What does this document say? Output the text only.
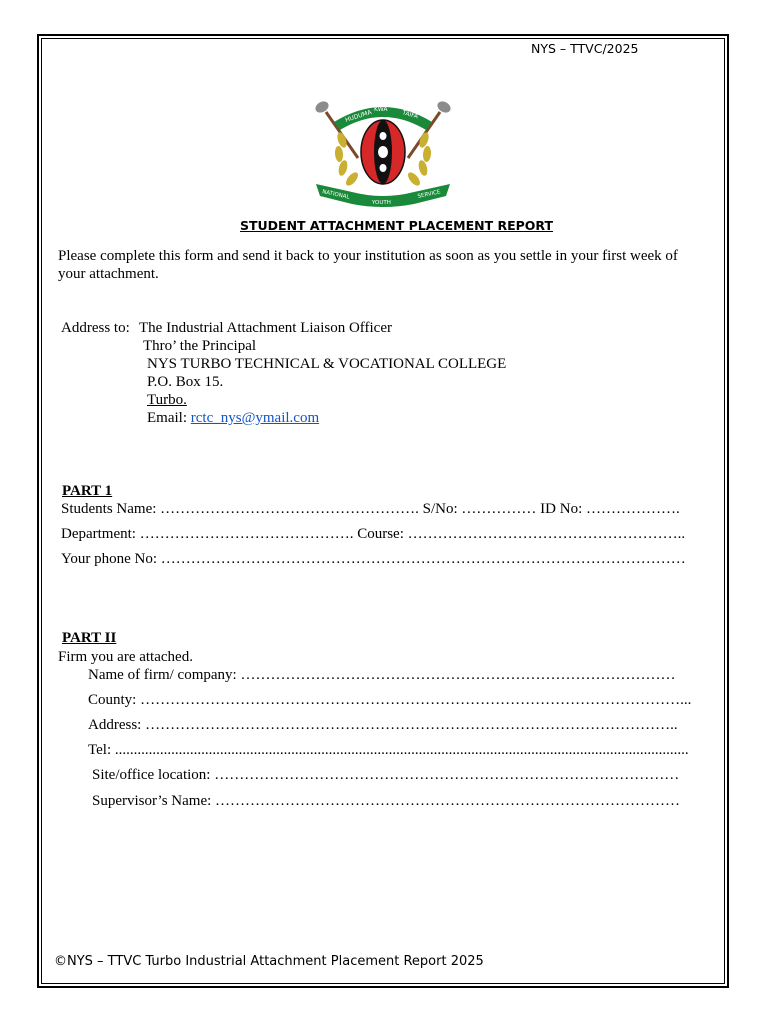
NYS – TTVC/2025
HUDUMA KWA TAIFA
NATIONAL
YOUTH
SERVICE
STUDENT ATTACHMENT PLACEMENT REPORT
Please complete this form and send it back to your institution as soon as you settle in your first week of your attachment.
Address to: The Industrial Attachment Liaison Officer
Thro’ the Principal
NYS TURBO TECHNICAL & VOCATIONAL COLLEGE
P.O. Box 15.
Turbo.
Email: rctc_nys@ymail.com
PART 1
Students Name: ……………………………………………. S/No: …………… ID No: ……………….
Department: ……………………………………. Course: ………………………………………………..
Your phone No: ……………………………………………………………………………………………
PART II
Firm you are attached.
Name of firm/ company: ……………………………………………………………………………
County: ………………………………………………………………………………………………...
Address: ……………………………………………………………………………………………..
Tel: .........................................................................................................................................................
Site/office location: …………………………………………………………………………………
Supervisor’s Name: …………………………………………………………………………………
©NYS – TTVC Turbo Industrial Attachment Placement Report 2025
